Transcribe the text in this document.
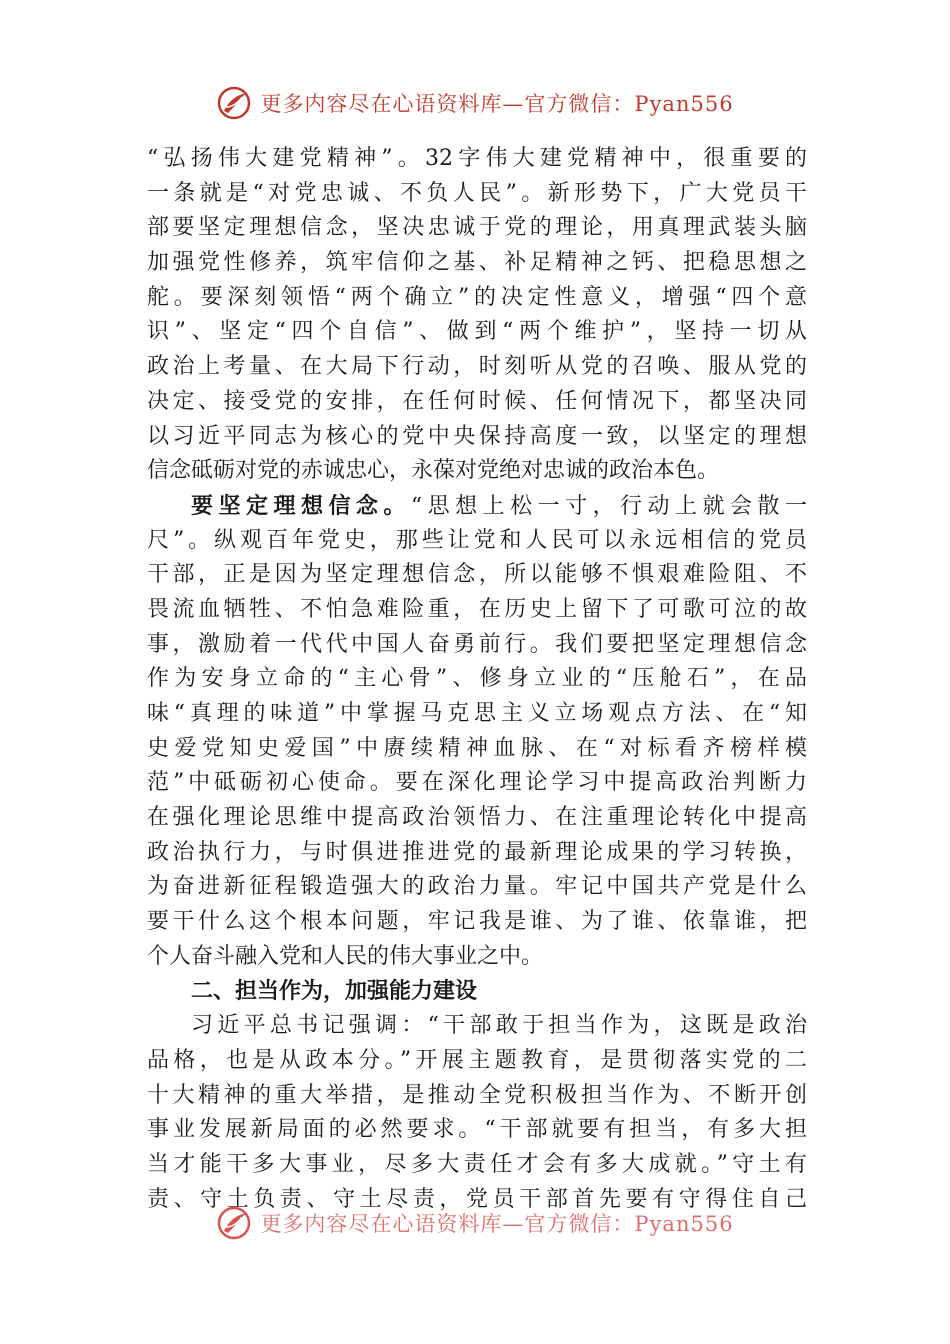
更多内容尽在心语资料库—官方微信：Pyan556
“弘扬伟大建党精神”。32字伟大建党精神中，很重要的
一条就是“对党忠诚、不负人民”。新形势下，广大党员干
部要坚定理想信念，坚决忠诚于党的理论，用真理武装头脑
加强党性修养，筑牢信仰之基、补足精神之钙、把稳思想之
舵。要深刻领悟“两个确立”的决定性意义，增强“四个意
识”、坚定“四个自信”、做到“两个维护”，坚持一切从
政治上考量、在大局下行动，时刻听从党的召唤、服从党的
决定、接受党的安排，在任何时候、任何情况下，都坚决同
以习近平同志为核心的党中央保持高度一致，以坚定的理想
信念砥砺对党的赤诚忠心，永葆对党绝对忠诚的政治本色。
要坚定理想信念。“思想上松一寸，行动上就会散一
尺”。纵观百年党史，那些让党和人民可以永远相信的党员
干部，正是因为坚定理想信念，所以能够不惧艰难险阻、不
畏流血牺牲、不怕急难险重，在历史上留下了可歌可泣的故
事，激励着一代代中国人奋勇前行。我们要把坚定理想信念
作为安身立命的“主心骨”、修身立业的“压舱石”，在品
味“真理的味道”中掌握马克思主义立场观点方法、在“知
史爱党知史爱国”中赓续精神血脉、在“对标看齐榜样模
范”中砥砺初心使命。要在深化理论学习中提高政治判断力
在强化理论思维中提高政治领悟力、在注重理论转化中提高
政治执行力，与时俱进推进党的最新理论成果的学习转换，
为奋进新征程锻造强大的政治力量。牢记中国共产党是什么
要干什么这个根本问题，牢记我是谁、为了谁、依靠谁，把
个人奋斗融入党和人民的伟大事业之中。
二、担当作为，加强能力建设
习近平总书记强调：“干部敢于担当作为，这既是政治
品格，也是从政本分。”开展主题教育，是贯彻落实党的二
十大精神的重大举措，是推动全党积极担当作为、不断开创
事业发展新局面的必然要求。“干部就要有担当，有多大担
当才能干多大事业，尽多大责任才会有多大成就。”守土有
责、守土负责、守土尽责，党员干部首先要有守得住自己
更多内容尽在心语资料库—官方微信：Pyan556
